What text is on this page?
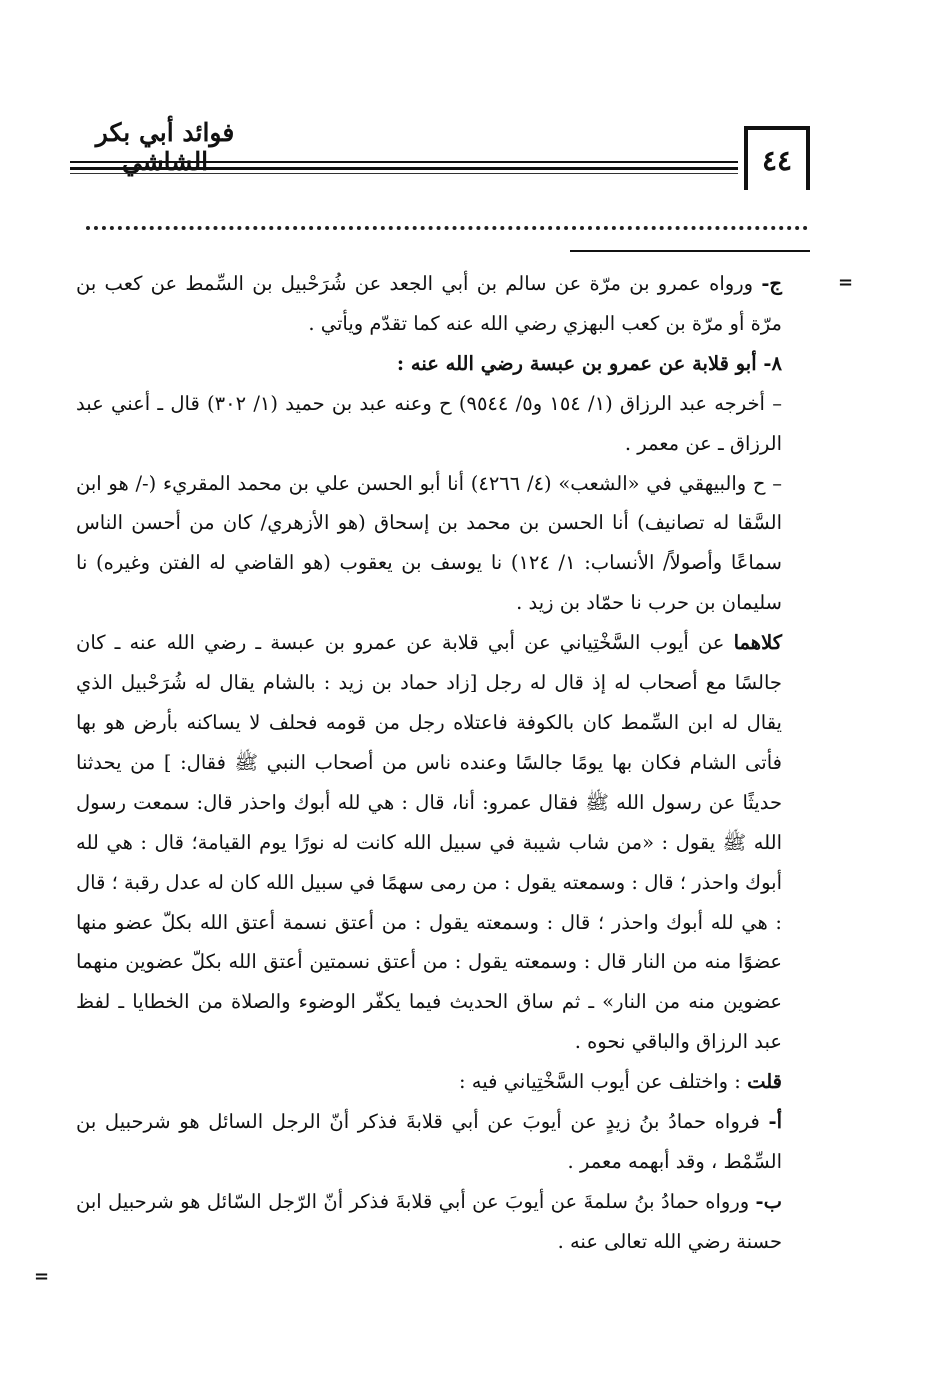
٤٤
فوائد أبي بكر الشاشي
=
=

ج- ورواه عمرو بن مرّة عن سالم بن أبي الجعد عن شُرَحْبيل بن السِّمط عن كعب بن مرّة أو مرّة بن كعب البهزي رضي الله عنه كما تقدّم ويأتي .

٨- أبو قلابة عن عمرو بن عبسة رضي الله عنه :

– أخرجه عبد الرزاق (١/ ١٥٤ و٥/ ٩٥٤٤) ح وعنه عبد بن حميد (١/ ٣٠٢) قال ـ أعني عبد الرزاق ـ عن معمر .

– ح والبيهقي في «الشعب» (٤/ ٤٢٦٦) أنا أبو الحسن علي بن محمد المقريء (-/ هو ابن السَّقا له تصانيف) أنا الحسن بن محمد بن إسحاق (هو الأزهري/ كان من أحسن الناس سماعًا وأصولاً/ الأنساب: ١/ ١٢٤) نا يوسف بن يعقوب (هو القاضي له الفتن وغيره) نا سليمان بن حرب نا حمّاد بن زيد .

كلاهما عن أيوب السَّخْتِياني عن أبي قلابة عن عمرو بن عبسة ـ رضي الله عنه ـ كان جالسًا مع أصحاب له إذ قال له رجل [زاد حماد بن زيد : بالشام يقال له شُرَحْبيل الذي يقال له ابن السِّمط كان بالكوفة فاعتلاه رجل من قومه فحلف لا يساكنه بأرض هو بها فأتى الشام فكان بها يومًا جالسًا وعنده ناس من أصحاب النبي ﷺ فقال: ] من يحدثنا حديثًا عن رسول الله ﷺ فقال عمرو: أنا، قال : هي لله أبوك واحذر قال: سمعت رسول الله ﷺ يقول : «من شاب شيبة في سبيل الله كانت له نورًا يوم القيامة؛ قال : هي لله أبوك واحذر ؛ قال : وسمعته يقول : من رمى سهمًا في سبيل الله كان له عدل رقبة ؛ قال : هي لله أبوك واحذر ؛ قال : وسمعته يقول : من أعتق نسمة أعتق الله بكلّ عضو منها عضوًا منه من النار قال : وسمعته يقول : من أعتق نسمتين أعتق الله بكلّ عضوين منهما عضوين منه من النار» ـ ثم ساق الحديث فيما يكفّر الوضوء والصلاة من الخطايا ـ لفظ عبد الرزاق والباقي نحوه .

قلت : واختلف عن أيوب السَّخْتِياني فيه :

أ- فرواه حمادُ بنُ زيدٍ عن أيوبَ عن أبي قلابةَ فذكر أنّ الرجل السائل هو شرحبيل بن السِّمْط ، وقد أبهمه معمر .

ب- ورواه حمادُ بنُ سلمةَ عن أيوبَ عن أبي قلابةَ فذكر أنّ الرّجل السّائل هو شرحبيل ابن حسنة رضي الله تعالى عنه .
